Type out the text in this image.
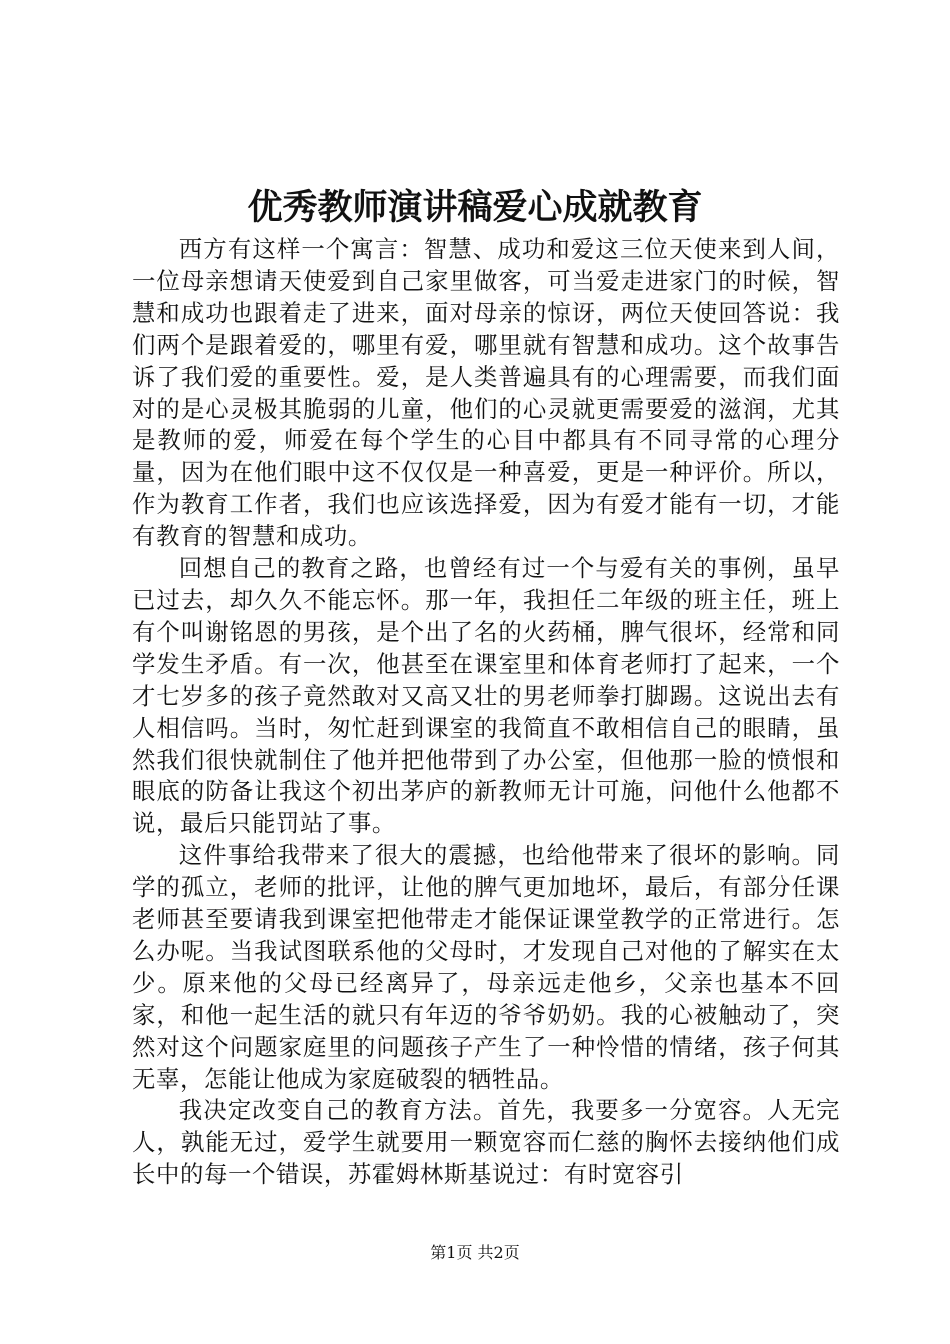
优秀教师演讲稿爱心成就教育

西方有这样一个寓言：智慧、成功和爱这三位天使来到人间，一位母亲想请天使爱到自己家里做客，可当爱走进家门的时候，智慧和成功也跟着走了进来，面对母亲的惊讶，两位天使回答说：我们两个是跟着爱的，哪里有爱，哪里就有智慧和成功。这个故事告诉了我们爱的重要性。爱，是人类普遍具有的心理需要，而我们面对的是心灵极其脆弱的儿童，他们的心灵就更需要爱的滋润，尤其是教师的爱，师爱在每个学生的心目中都具有不同寻常的心理分量，因为在他们眼中这不仅仅是一种喜爱，更是一种评价。所以，作为教育工作者，我们也应该选择爱，因为有爱才能有一切，才能有教育的智慧和成功。

回想自己的教育之路，也曾经有过一个与爱有关的事例，虽早已过去，却久久不能忘怀。那一年，我担任二年级的班主任，班上有个叫谢铭恩的男孩，是个出了名的火药桶，脾气很坏，经常和同学发生矛盾。有一次，他甚至在课室里和体育老师打了起来，一个才七岁多的孩子竟然敢对又高又壮的男老师拳打脚踢。这说出去有人相信吗。当时，匆忙赶到课室的我简直不敢相信自己的眼睛，虽然我们很快就制住了他并把他带到了办公室，但他那一脸的愤恨和眼底的防备让我这个初出茅庐的新教师无计可施，问他什么他都不说，最后只能罚站了事。

这件事给我带来了很大的震撼，也给他带来了很坏的影响。同学的孤立，老师的批评，让他的脾气更加地坏，最后，有部分任课老师甚至要请我到课室把他带走才能保证课堂教学的正常进行。怎么办呢。当我试图联系他的父母时，才发现自己对他的了解实在太少。原来他的父母已经离异了，母亲远走他乡，父亲也基本不回家，和他一起生活的就只有年迈的爷爷奶奶。我的心被触动了，突然对这个问题家庭里的问题孩子产生了一种怜惜的情绪，孩子何其无辜，怎能让他成为家庭破裂的牺牲品。

我决定改变自己的教育方法。首先，我要多一分宽容。人无完人，孰能无过，爱学生就要用一颗宽容而仁慈的胸怀去接纳他们成长中的每一个错误，苏霍姆林斯基说过：有时宽容引

第1页 共2页
